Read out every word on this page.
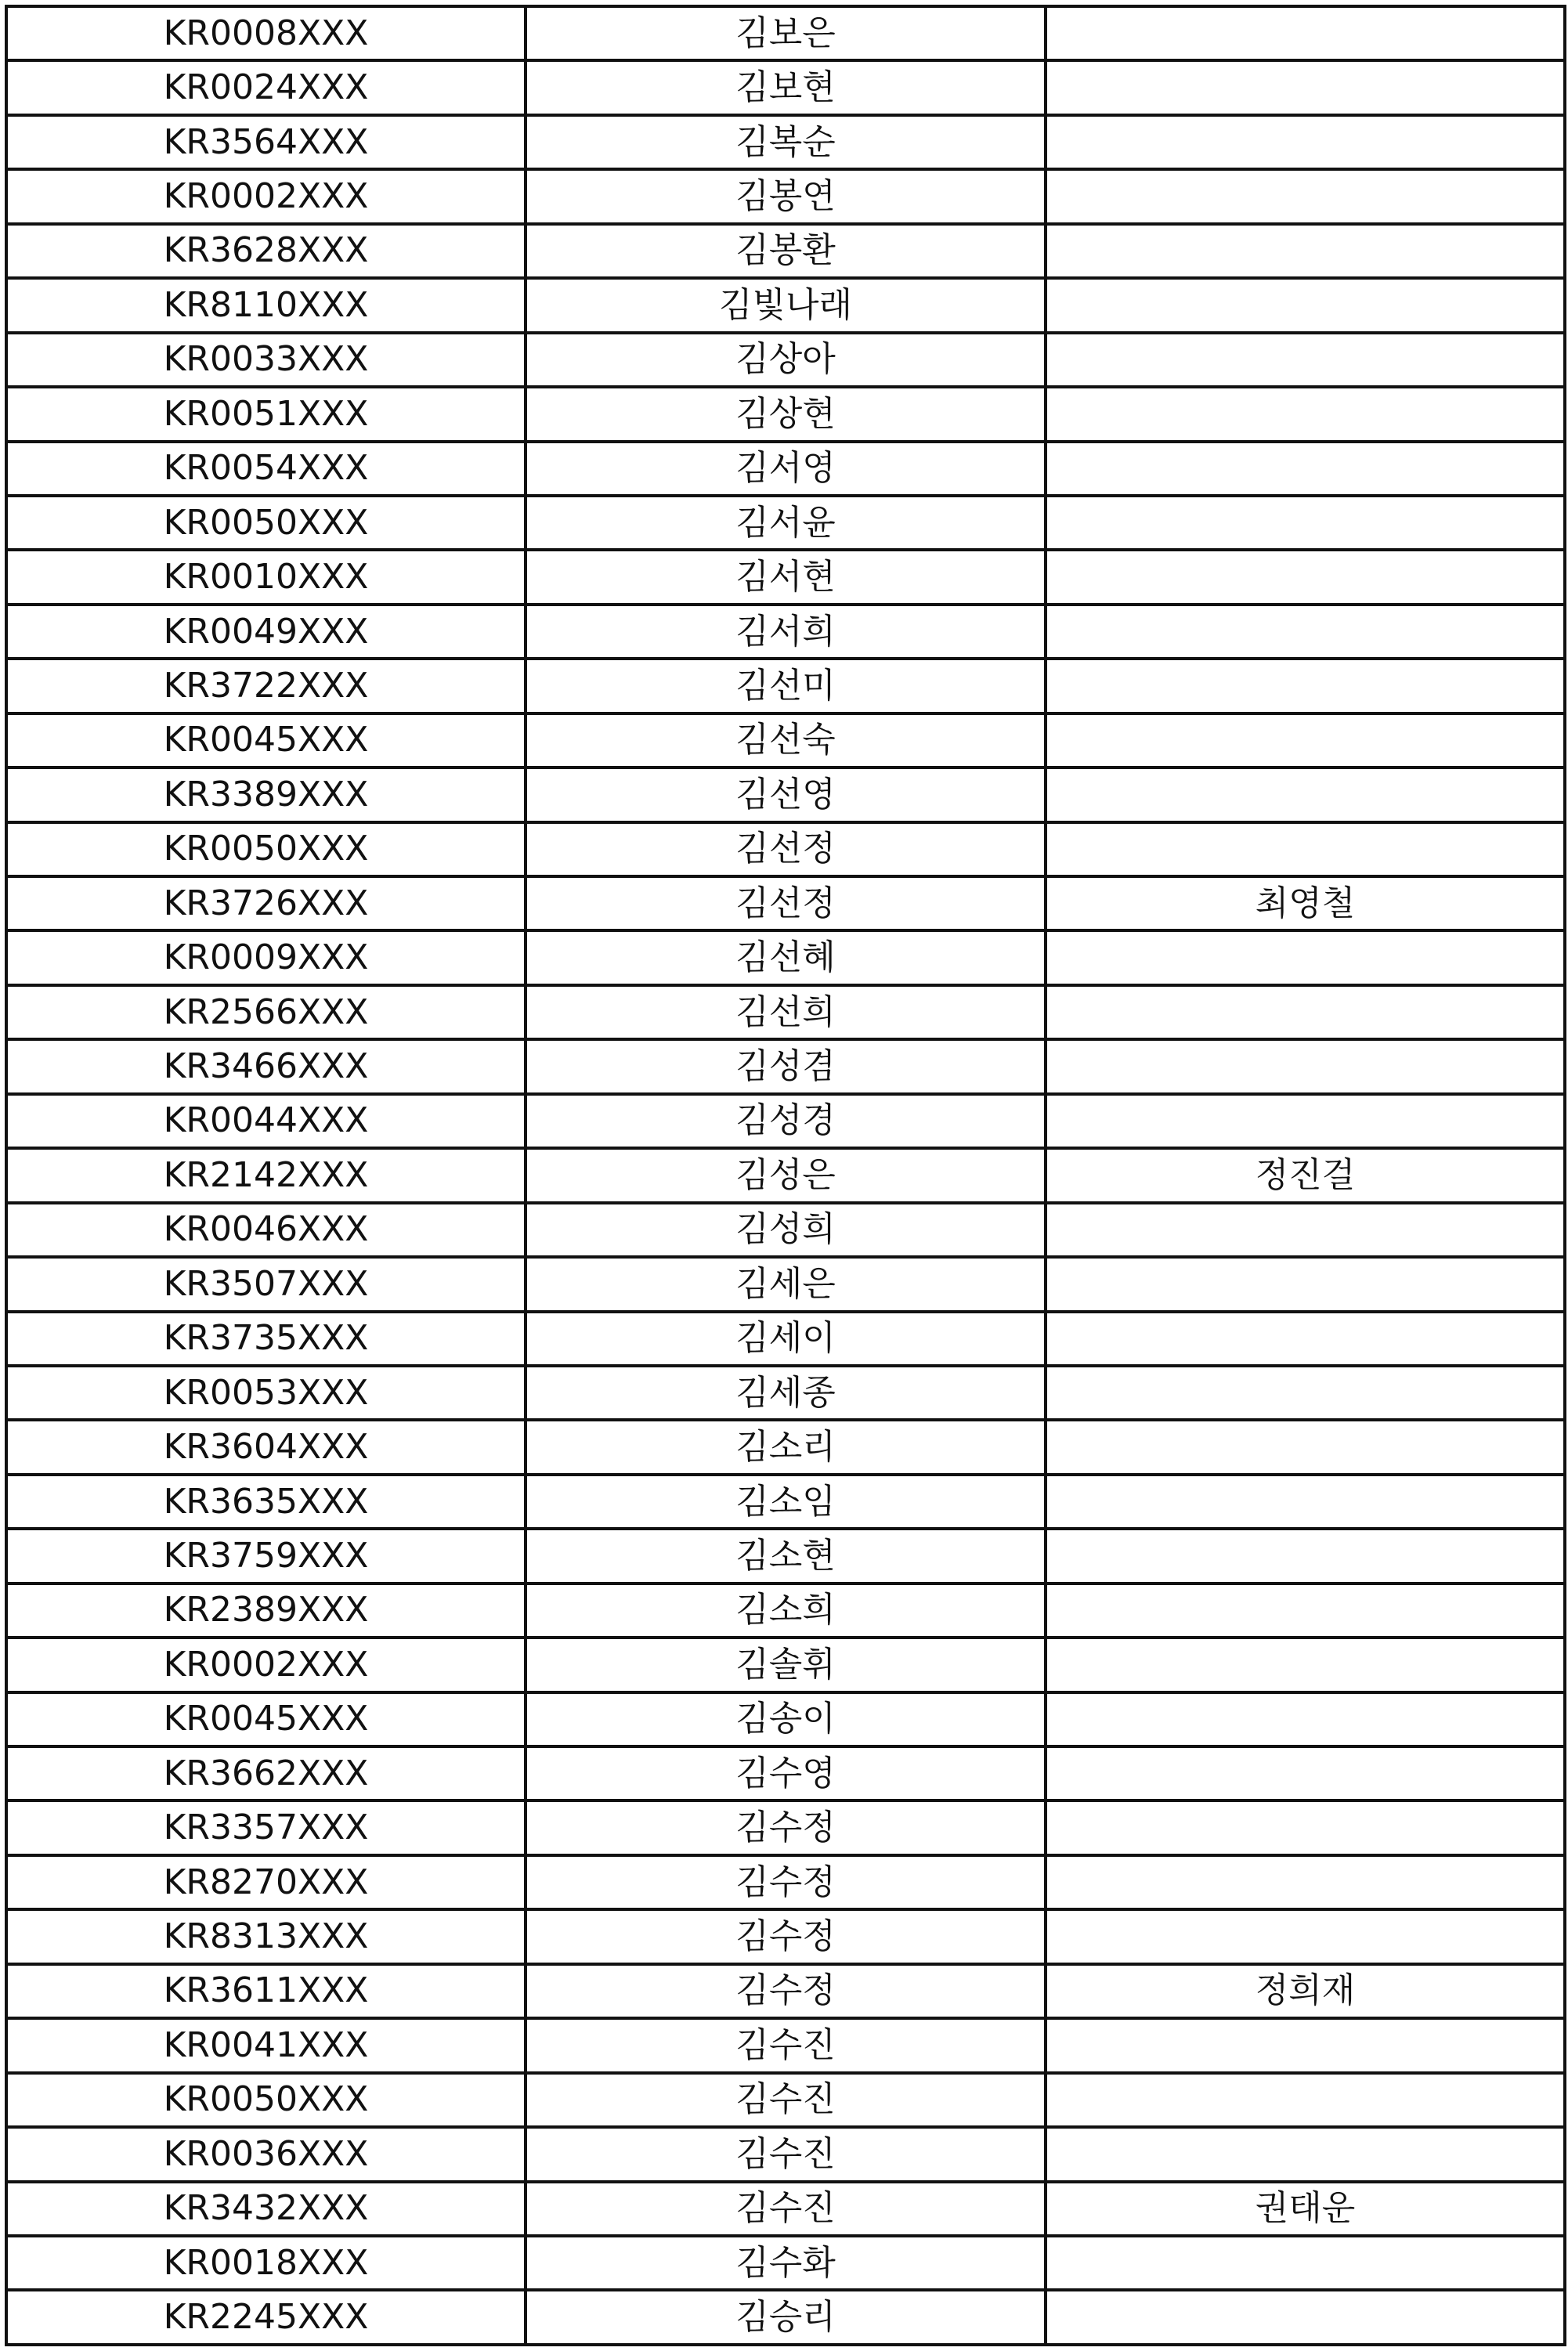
KR0008XXX	김보은	
KR0024XXX	김보현	
KR3564XXX	김복순	
KR0002XXX	김봉연	
KR3628XXX	김봉환	
KR8110XXX	김빛나래	
KR0033XXX	김상아	
KR0051XXX	김상현	
KR0054XXX	김서영	
KR0050XXX	김서윤	
KR0010XXX	김서현	
KR0049XXX	김서희	
KR3722XXX	김선미	
KR0045XXX	김선숙	
KR3389XXX	김선영	
KR0050XXX	김선정	
KR3726XXX	김선정	최영철
KR0009XXX	김선혜	
KR2566XXX	김선희	
KR3466XXX	김성겸	
KR0044XXX	김성경	
KR2142XXX	김성은	정진걸
KR0046XXX	김성희	
KR3507XXX	김세은	
KR3735XXX	김세이	
KR0053XXX	김세종	
KR3604XXX	김소리	
KR3635XXX	김소임	
KR3759XXX	김소현	
KR2389XXX	김소희	
KR0002XXX	김솔휘	
KR0045XXX	김송이	
KR3662XXX	김수영	
KR3357XXX	김수정	
KR8270XXX	김수정	
KR8313XXX	김수정	
KR3611XXX	김수정	정희재
KR0041XXX	김수진	
KR0050XXX	김수진	
KR0036XXX	김수진	
KR3432XXX	김수진	권태운
KR0018XXX	김수화	
KR2245XXX	김승리	
